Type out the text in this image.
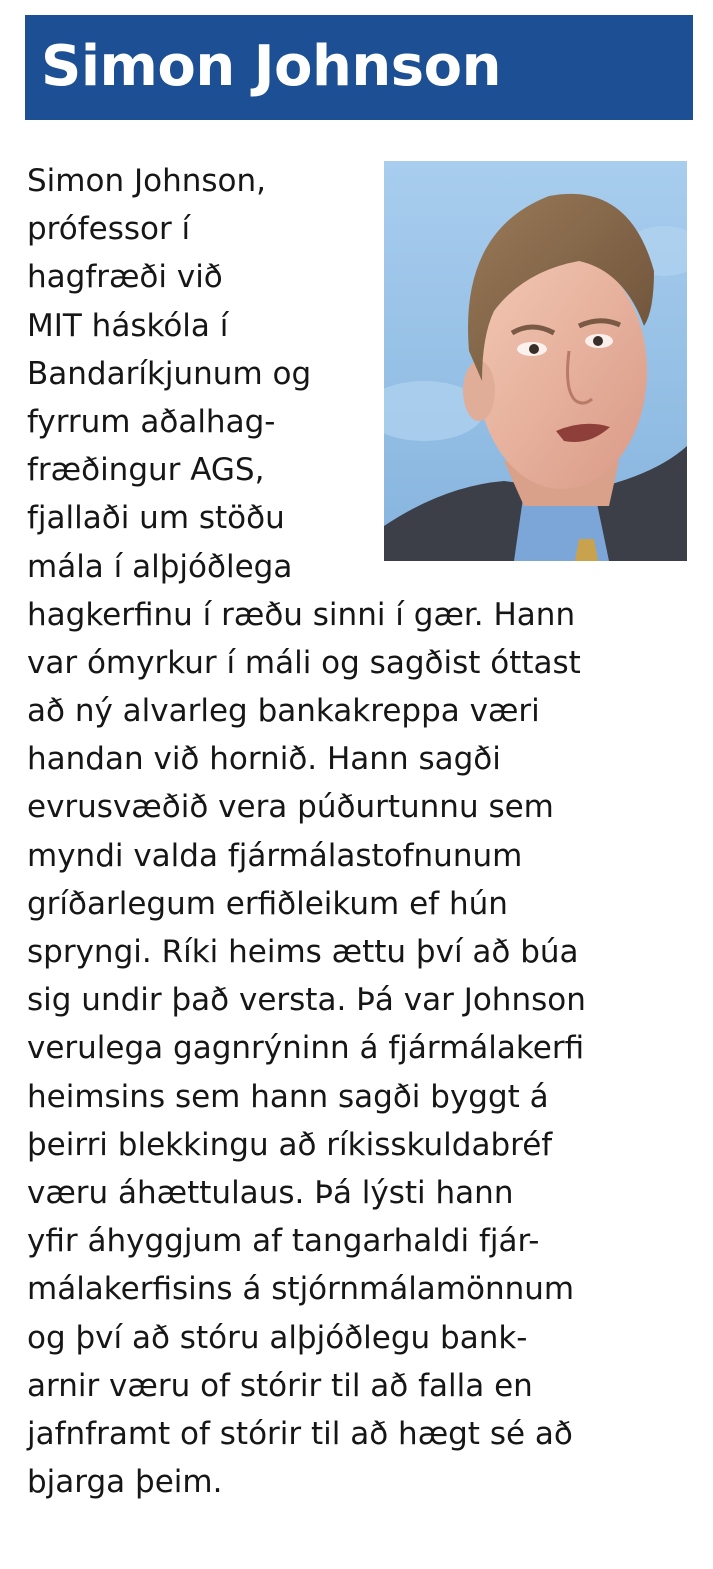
Simon Johnson
Simon Johnson,
prófessor í
hagfræði við
MIT háskóla í
Bandaríkjunum og
fyrrum aðalhag-
fræðingur AGS,
fjallaði um stöðu
mála í alþjóðlega
hagkerfinu í ræðu sinni í gær. Hann
var ómyrkur í máli og sagðist óttast
að ný alvarleg bankakreppa væri
handan við hornið. Hann sagði
evrusvæðið vera púðurtunnu sem
myndi valda fjármálastofnunum
gríðarlegum erfiðleikum ef hún
spryngi. Ríki heims ættu því að búa
sig undir það versta. Þá var Johnson
verulega gagnrýninn á fjármálakerfi
heimsins sem hann sagði byggt á
þeirri blekkingu að ríkisskuldabréf
væru áhættulaus. Þá lýsti hann
yfir áhyggjum af tangarhaldi fjár-
málakerfisins á stjórnmálamönnum
og því að stóru alþjóðlegu bank-
arnir væru of stórir til að falla en
jafnframt of stórir til að hægt sé að
bjarga þeim.
